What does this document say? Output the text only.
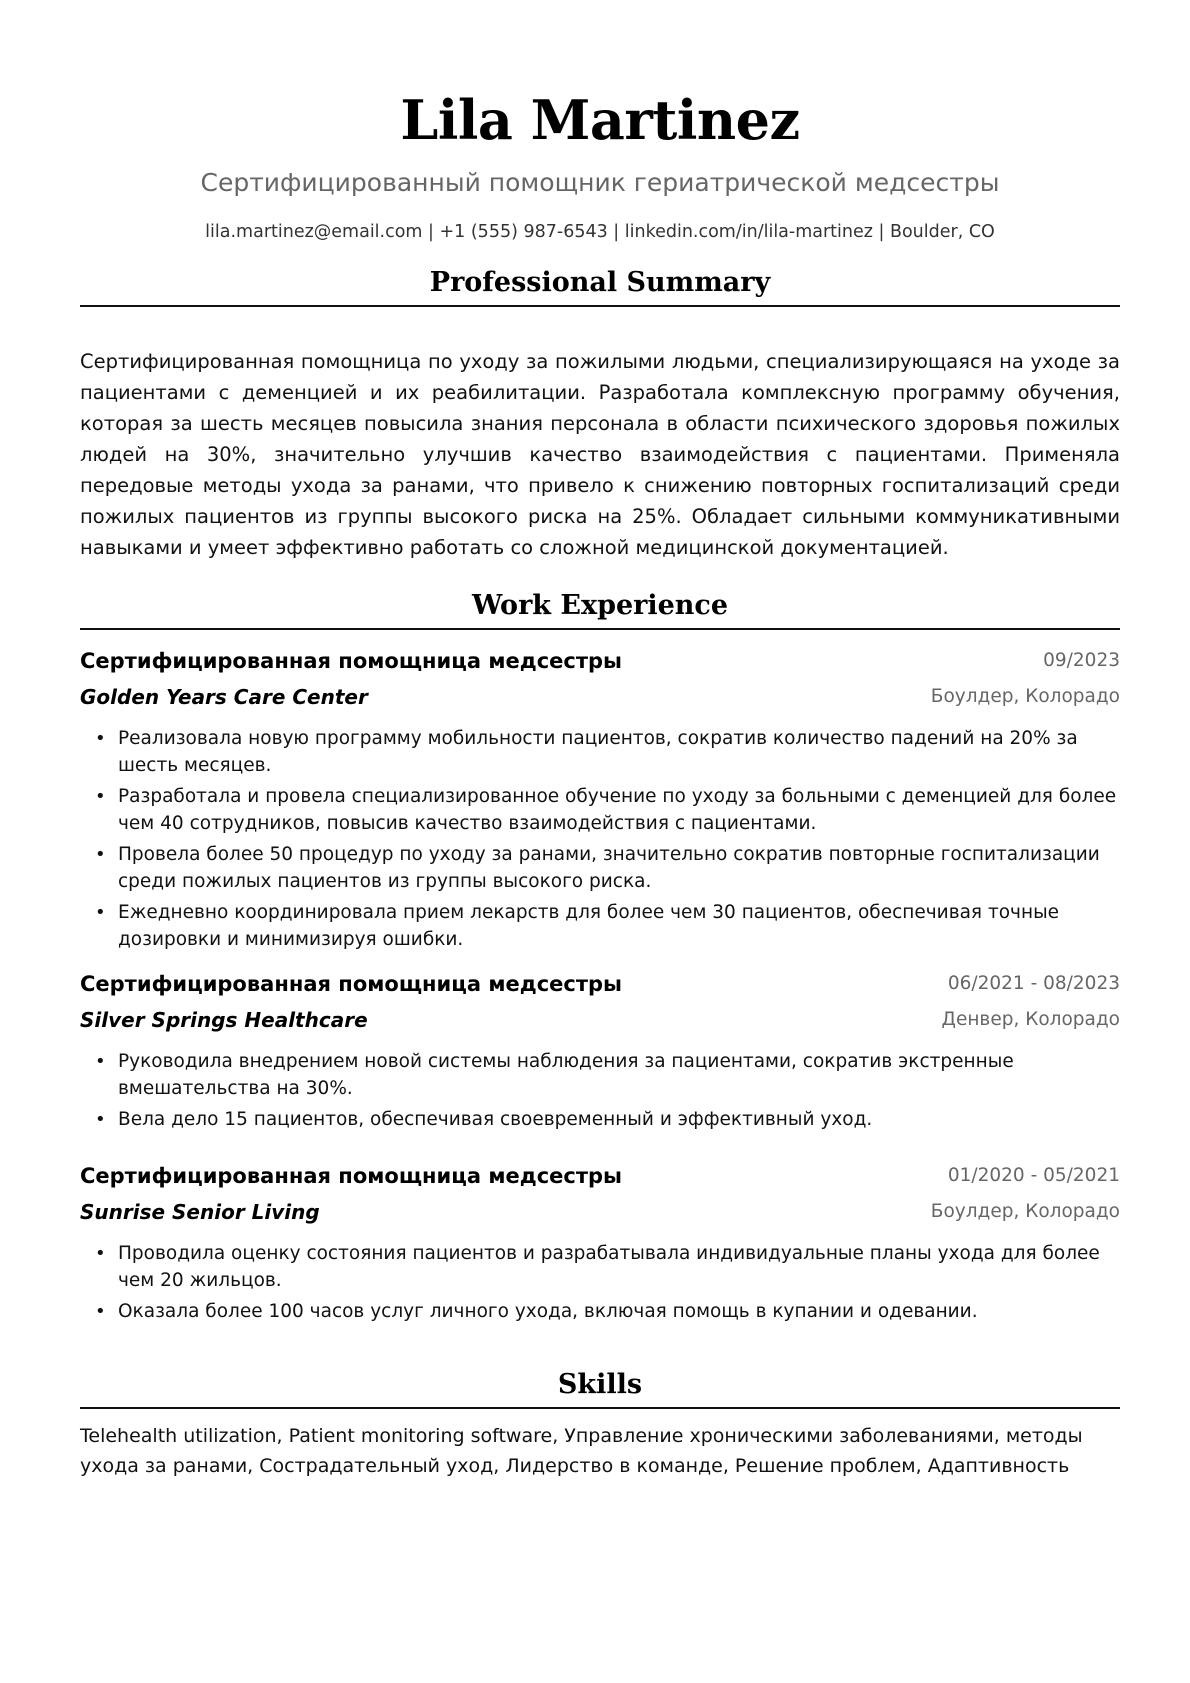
Lila Martinez
Сертифицированный помощник гериатрической медсестры
lila.martinez@email.com | +1 (555) 987-6543 | linkedin.com/in/lila-martinez | Boulder, CO
Professional Summary

Сертифицированная помощница по уходу за пожилыми людьми, специализирующаяся на уходе за пациентами с деменцией и их реабилитации. Разработала комплексную программу обучения, которая за шесть месяцев повысила знания персонала в области психического здоровья пожилых людей на 30%, значительно улучшив качество взаимодействия с пациентами. Применяла передовые методы ухода за ранами, что привело к снижению повторных госпитализаций среди пожилых пациентов из группы высокого риска на 25%. Обладает сильными коммуникативными навыками и умеет эффективно работать со сложной медицинской документацией.

Work Experience
Сертифицированная помощница медсестры	09/2023
Golden Years Care Center	Боулдер, Колорадо
• Реализовала новую программу мобильности пациентов, сократив количество падений на 20% за шесть месяцев.
• Разработала и провела специализированное обучение по уходу за больными с деменцией для более чем 40 сотрудников, повысив качество взаимодействия с пациентами.
• Провела более 50 процедур по уходу за ранами, значительно сократив повторные госпитализации среди пожилых пациентов из группы высокого риска.
• Ежедневно координировала прием лекарств для более чем 30 пациентов, обеспечивая точные дозировки и минимизируя ошибки.
Сертифицированная помощница медсестры	06/2021 - 08/2023
Silver Springs Healthcare	Денвер, Колорадо
• Руководила внедрением новой системы наблюдения за пациентами, сократив экстренные вмешательства на 30%.
• Вела дело 15 пациентов, обеспечивая своевременный и эффективный уход.
Сертифицированная помощница медсестры	01/2020 - 05/2021
Sunrise Senior Living	Боулдер, Колорадо
• Проводила оценку состояния пациентов и разрабатывала индивидуальные планы ухода для более чем 20 жильцов.
• Оказала более 100 часов услуг личного ухода, включая помощь в купании и одевании.
Skills

Telehealth utilization, Patient monitoring software, Управление хроническими заболеваниями, методы ухода за ранами, Сострадательный уход, Лидерство в команде, Решение проблем, Адаптивность
